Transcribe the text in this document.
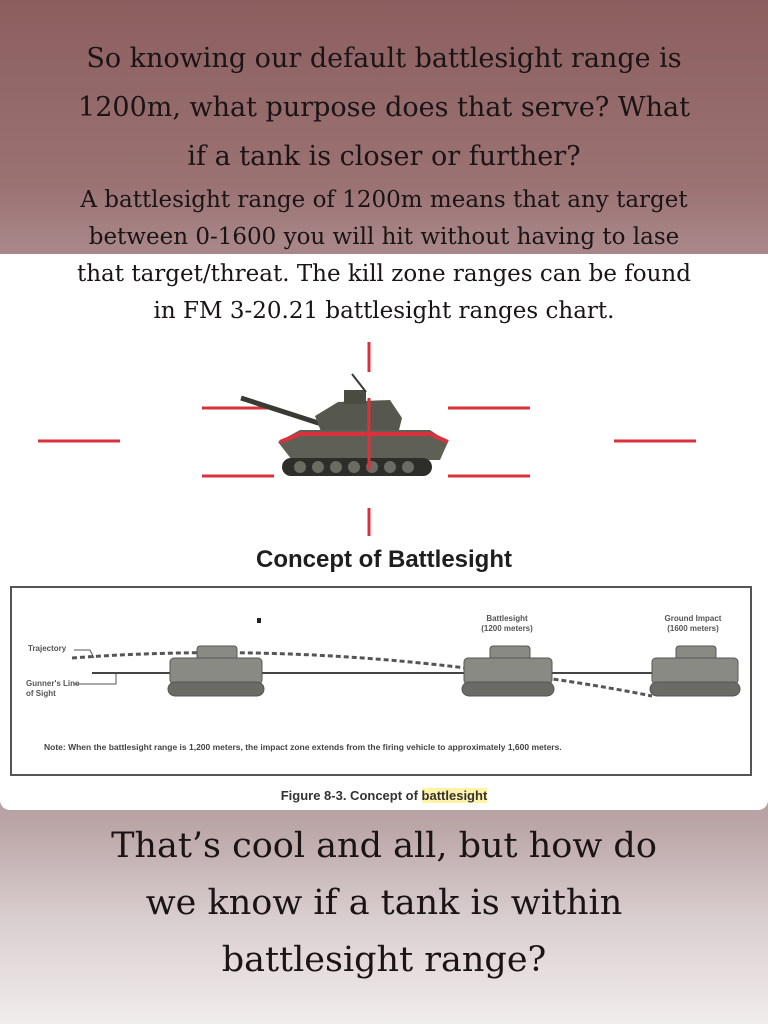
So knowing our default battlesight range is
1200m, what purpose does that serve? What
if a tank is closer or further?
A battlesight range of 1200m means that any target
between 0-1600 you will hit without having to lase
that target/threat. The kill zone ranges can be found
in FM 3-20.21 battlesight ranges chart.
Concept of Battlesight
Trajectory
Gunner's Line
of Sight
Battlesight
(1200 meters)
Ground Impact
(1600 meters)
Note: When the battlesight range is 1,200 meters, the impact zone extends from the firing vehicle to approximately 1,600 meters.
Figure 8-3. Concept of battlesight
That’s cool and all, but how do
we know if a tank is within
battlesight range?
